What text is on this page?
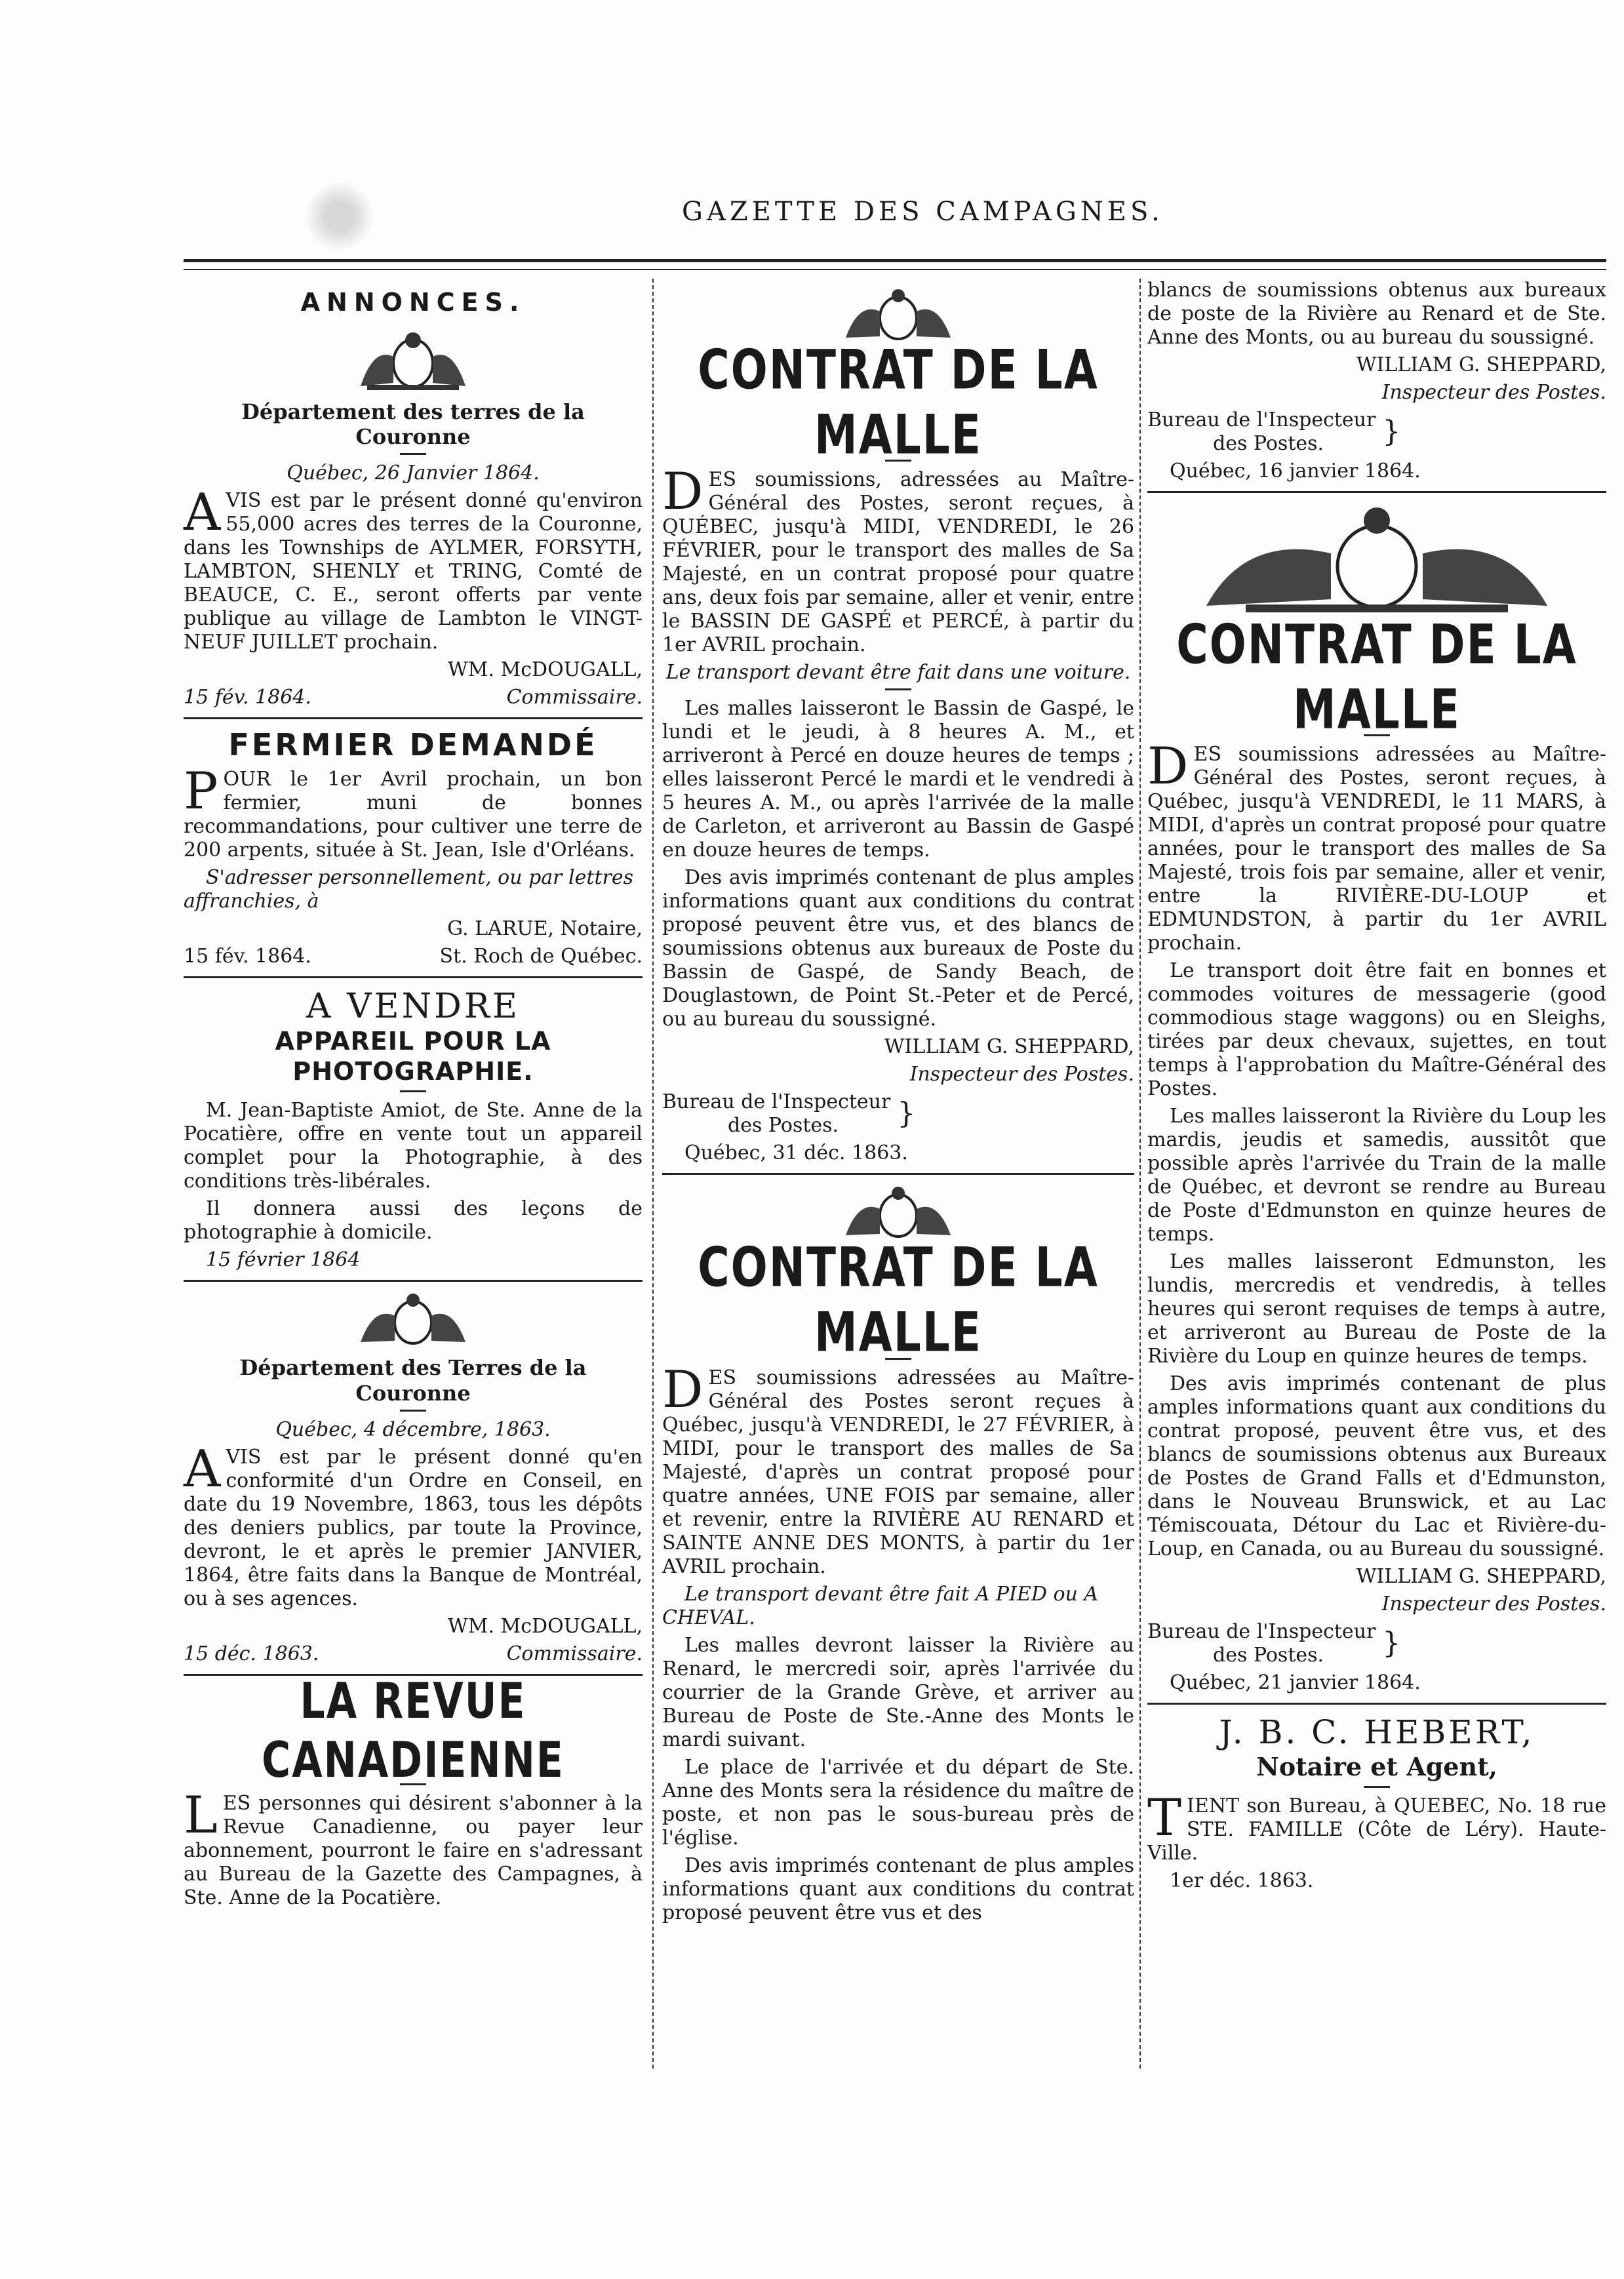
GAZETTE DES CAMPAGNES.
ANNONCES.
Département des terres de la Couronne
Québec, 26 Janvier 1864.
A VIS est par le présent donné qu'environ 55,000 acres des terres de la Couronne, dans les Townships de AYLMER, FORSYTH, LAMBTON, SHENLY et TRING, Comté de BEAUCE, C. E., seront offerts par vente publique au village de Lambton le VINGT-NEUF JUILLET prochain.
WM. McDOUGALL,
15 fév. 1864.	Commissaire.
FERMIER DEMANDÉ
P OUR le 1er Avril prochain, un bon fermier, muni de bonnes recommandations, pour cultiver une terre de 200 arpents, située à St. Jean, Isle d'Orléans.
S'adresser personnellement, ou par lettres affranchies, à
G. LARUE, Notaire,
15 fév. 1864.	St. Roch de Québec.
A VENDRE
APPAREIL POUR LA PHOTOGRAPHIE.
M. Jean-Baptiste Amiot, de Ste. Anne de la Pocatière, offre en vente tout un appareil complet pour la Photographie, à des conditions très-libérales.
Il donnera aussi des leçons de photographie à domicile.
15 février 1864
Département des Terres de la Couronne
Québec, 4 décembre, 1863.
A VIS est par le présent donné qu'en conformité d'un Ordre en Conseil, en date du 19 Novembre, 1863, tous les dépôts des deniers publics, par toute la Province, devront, le et après le premier JANVIER, 1864, être faits dans la Banque de Montréal, ou à ses agences.
WM. McDOUGALL,
15 déc. 1863.	Commissaire.
LA REVUE CANADIENNE
L ES personnes qui désirent s'abonner à la Revue Canadienne, ou payer leur abonnement, pourront le faire en s'adressant au Bureau de la Gazette des Campagnes, à Ste. Anne de la Pocatière.
CONTRAT DE LA MALLE
D ES soumissions, adressées au Maître-Général des Postes, seront reçues, à QUÉBEC, jusqu'à MIDI, VENDREDI, le 26 FÉVRIER, pour le transport des malles de Sa Majesté, en un contrat proposé pour quatre ans, deux fois par semaine, aller et venir, entre le BASSIN DE GASPÉ et PERCÉ, à partir du 1er AVRIL prochain.
Le transport devant être fait dans une voiture.
Les malles laisseront le Bassin de Gaspé, le lundi et le jeudi, à 8 heures A. M., et arriveront à Percé en douze heures de temps ; elles laisseront Percé le mardi et le vendredi à 5 heures A. M., ou après l'arrivée de la malle de Carleton, et arriveront au Bassin de Gaspé en douze heures de temps.
Des avis imprimés contenant de plus amples informations quant aux conditions du contrat proposé peuvent être vus, et des blancs de soumissions obtenus aux bureaux de Poste du Bassin de Gaspé, de Sandy Beach, de Douglastown, de Point St.-Peter et de Percé, ou au bureau du soussigné.
WILLIAM G. SHEPPARD,
Inspecteur des Postes.
Bureau de l'Inspecteur
des Postes.	}
Québec, 31 déc. 1863.
CONTRAT DE LA MALLE
D ES soumissions adressées au Maître-Général des Postes seront reçues à Québec, jusqu'à VENDREDI, le 27 FÉVRIER, à MIDI, pour le transport des malles de Sa Majesté, d'après un contrat proposé pour quatre années, UNE FOIS par semaine, aller et revenir, entre la RIVIÈRE AU RENARD et SAINTE ANNE DES MONTS, à partir du 1er AVRIL prochain.
Le transport devant être fait A PIED ou A CHEVAL.
Les malles devront laisser la Rivière au Renard, le mercredi soir, après l'arrivée du courrier de la Grande Grève, et arriver au Bureau de Poste de Ste.-Anne des Monts le mardi suivant.
Le place de l'arrivée et du départ de Ste. Anne des Monts sera la résidence du maître de poste, et non pas le sous-bureau près de l'église.
Des avis imprimés contenant de plus amples informations quant aux conditions du contrat proposé peuvent être vus et des
blancs de soumissions obtenus aux bureaux de poste de la Rivière au Renard et de Ste. Anne des Monts, ou au bureau du soussigné.
WILLIAM G. SHEPPARD,
Inspecteur des Postes.
Bureau de l'Inspecteur
des Postes.	}
Québec, 16 janvier 1864.
CONTRAT DE LA MALLE
D ES soumissions adressées au Maître-Général des Postes, seront reçues, à Québec, jusqu'à VENDREDI, le 11 MARS, à MIDI, d'après un contrat proposé pour quatre années, pour le transport des malles de Sa Majesté, trois fois par semaine, aller et venir, entre la RIVIÈRE-DU-LOUP et EDMUNDSTON, à partir du 1er AVRIL prochain.
Le transport doit être fait en bonnes et commodes voitures de messagerie (good commodious stage waggons) ou en Sleighs, tirées par deux chevaux, sujettes, en tout temps à l'approbation du Maître-Général des Postes.
Les malles laisseront la Rivière du Loup les mardis, jeudis et samedis, aussitôt que possible après l'arrivée du Train de la malle de Québec, et devront se rendre au Bureau de Poste d'Edmunston en quinze heures de temps.
Les malles laisseront Edmunston, les lundis, mercredis et vendredis, à telles heures qui seront requises de temps à autre, et arriveront au Bureau de Poste de la Rivière du Loup en quinze heures de temps.
Des avis imprimés contenant de plus amples informations quant aux conditions du contrat proposé, peuvent être vus, et des blancs de soumissions obtenus aux Bureaux de Postes de Grand Falls et d'Edmunston, dans le Nouveau Brunswick, et au Lac Témiscouata, Détour du Lac et Rivière-du-Loup, en Canada, ou au Bureau du soussigné.
WILLIAM G. SHEPPARD,
Inspecteur des Postes.
Bureau de l'Inspecteur
des Postes.	}
Québec, 21 janvier 1864.
J. B. C. HEBERT,
Notaire et Agent,
T IENT son Bureau, à QUEBEC, No. 18 rue STE. FAMILLE (Côte de Léry). Haute-Ville.
1er déc. 1863.
